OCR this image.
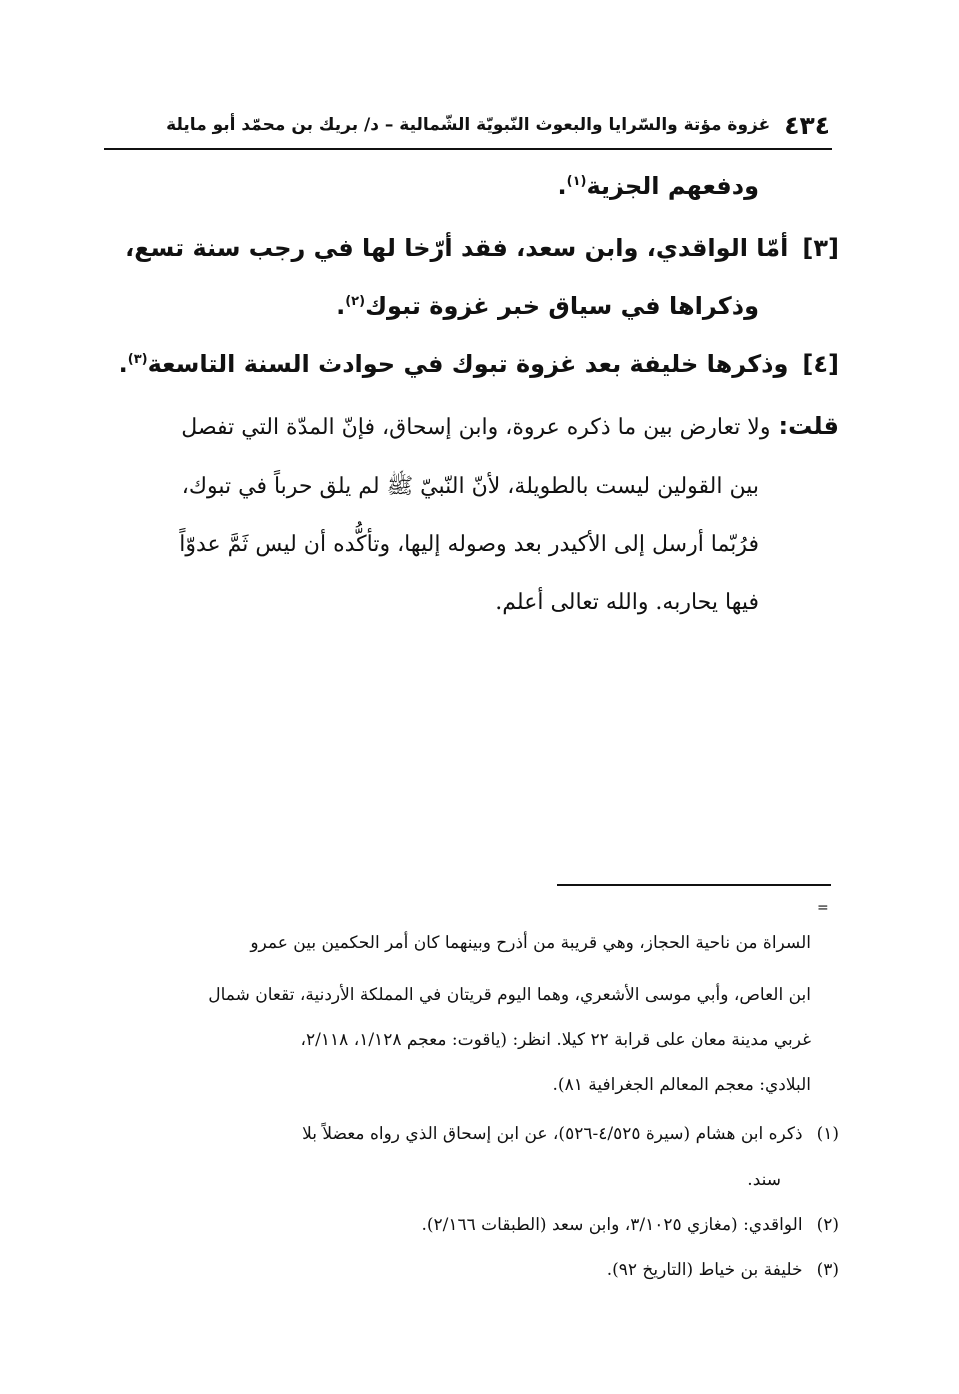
٤٣٤
غزوة مؤتة والسّرايا والبعوث النّبويّة الشّمالية – د/ بريك بن محمّد أبو مايلة
ودفعهم الجزية$^{(١)}$.
[٣]أمّا الواقدي، وابن سعد، فقد أرّخا لها في رجب سنة تسع،
وذكراها في سياق خبر غزوة تبوك$^{(٢)}$.
[٤]وذكرها خليفة بعد غزوة تبوك في حوادث السنة التاسعة$^{(٣)}$.
قلت:ولا تعارض بين ما ذكره عروة، وابن إسحاق، فإنّ المدّة التي تفصل
بين القولين ليست بالطويلة، لأنّ النّبيّ ﷺ لم يلق حرباً في تبوك،
فرُبّما أرسل إلى الأكيدر بعد وصوله إليها، وتأكُّده أن ليس ثَمَّ عدوّاً
فيها يحاربه. والله تعالى أعلم.
=
السراة من ناحية الحجاز، وهي قريبة من أذرح وبينهما كان أمر الحكمين بين عمرو
ابن العاص، وأبي موسى الأشعري، وهما اليوم قريتان في المملكة الأردنية، تقعان شمال
غربي مدينة معان على قرابة ٢٢ كيلا. انظر: (ياقوت: معجم ١/١٢٨، ٢/١١٨،
البلادي: معجم المعالم الجغرافية ٨١).
(١)ذكره ابن هشام (سيرة ٤/٥٢٥-٥٢٦)، عن ابن إسحاق الذي رواه معضلاً بلا
سند.
(٢)الواقدي: (مغازي ٣/١٠٢٥، وابن سعد (الطبقات ٢/١٦٦).
(٣)خليفة بن خياط (التاريخ ٩٢).
